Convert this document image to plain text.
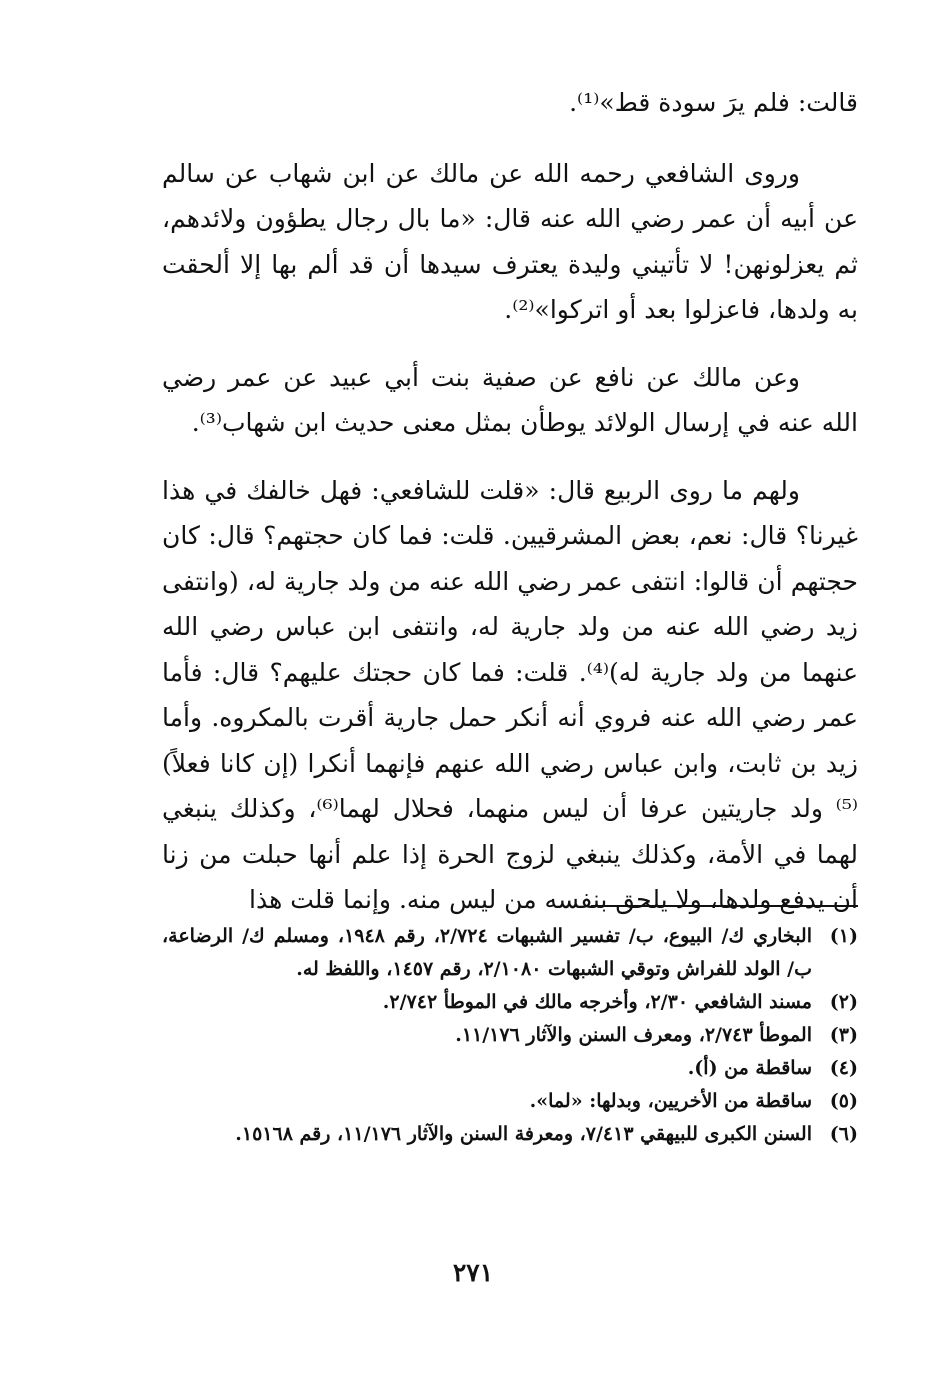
قالت: فلم يرَ سودة قط»⁽¹⁾.

وروى الشافعي رحمه الله عن مالك عن ابن شهاب عن سالم عن أبيه أن عمر رضي الله عنه قال: «ما بال رجال يطؤون ولائدهم، ثم يعزلونهن! لا تأتيني وليدة يعترف سيدها أن قد ألم بها إلا ألحقت به ولدها، فاعزلوا بعد أو اتركوا»⁽²⁾.

وعن مالك عن نافع عن صفية بنت أبي عبيد عن عمر رضي الله عنه في إرسال الولائد يوطأن بمثل معنى حديث ابن شهاب⁽³⁾.

ولهم ما روى الربيع قال: «قلت للشافعي: فهل خالفك في هذا غيرنا؟ قال: نعم، بعض المشرقيين. قلت: فما كان حجتهم؟ قال: كان حجتهم أن قالوا: انتفى عمر رضي الله عنه من ولد جارية له، (وانتفى زيد رضي الله عنه من ولد جارية له، وانتفى ابن عباس رضي الله عنهما من ولد جارية له)⁽⁴⁾. قلت: فما كان حجتك عليهم؟ قال: فأما عمر رضي الله عنه فروي أنه أنكر حمل جارية أقرت بالمكروه. وأما زيد بن ثابت، وابن عباس رضي الله عنهم فإنهما أنكرا (إن كانا فعلاً)⁽⁵⁾ ولد جاريتين عرفا أن ليس منهما، فحلال لهما⁽⁶⁾، وكذلك ينبغي لهما في الأمة، وكذلك ينبغي لزوج الحرة إذا علم أنها حبلت من زنا أن يدفع ولدها، ولا يلحق بنفسه من ليس منه. وإنما قلت هذا

(١)
البخاري ك/ البيوع، ب/ تفسير الشبهات ٢/٧٢٤، رقم ١٩٤٨، ومسلم ك/ الرضاعة، ب/ الولد للفراش وتوقي الشبهات ٢/١٠٨٠، رقم ١٤٥٧، واللفظ له.
(٢)
مسند الشافعي ٢/٣٠، وأخرجه مالك في الموطأ ٢/٧٤٢.
(٣)
الموطأ ٢/٧٤٣، ومعرف السنن والآثار ١١/١٧٦.
(٤)
ساقطة من (أ).
(٥)
ساقطة من الأخريين، وبدلها: «لما».
(٦)
السنن الكبرى للبيهقي ٧/٤١٣، ومعرفة السنن والآثار ١١/١٧٦، رقم ١٥١٦٨.
٢٧١
